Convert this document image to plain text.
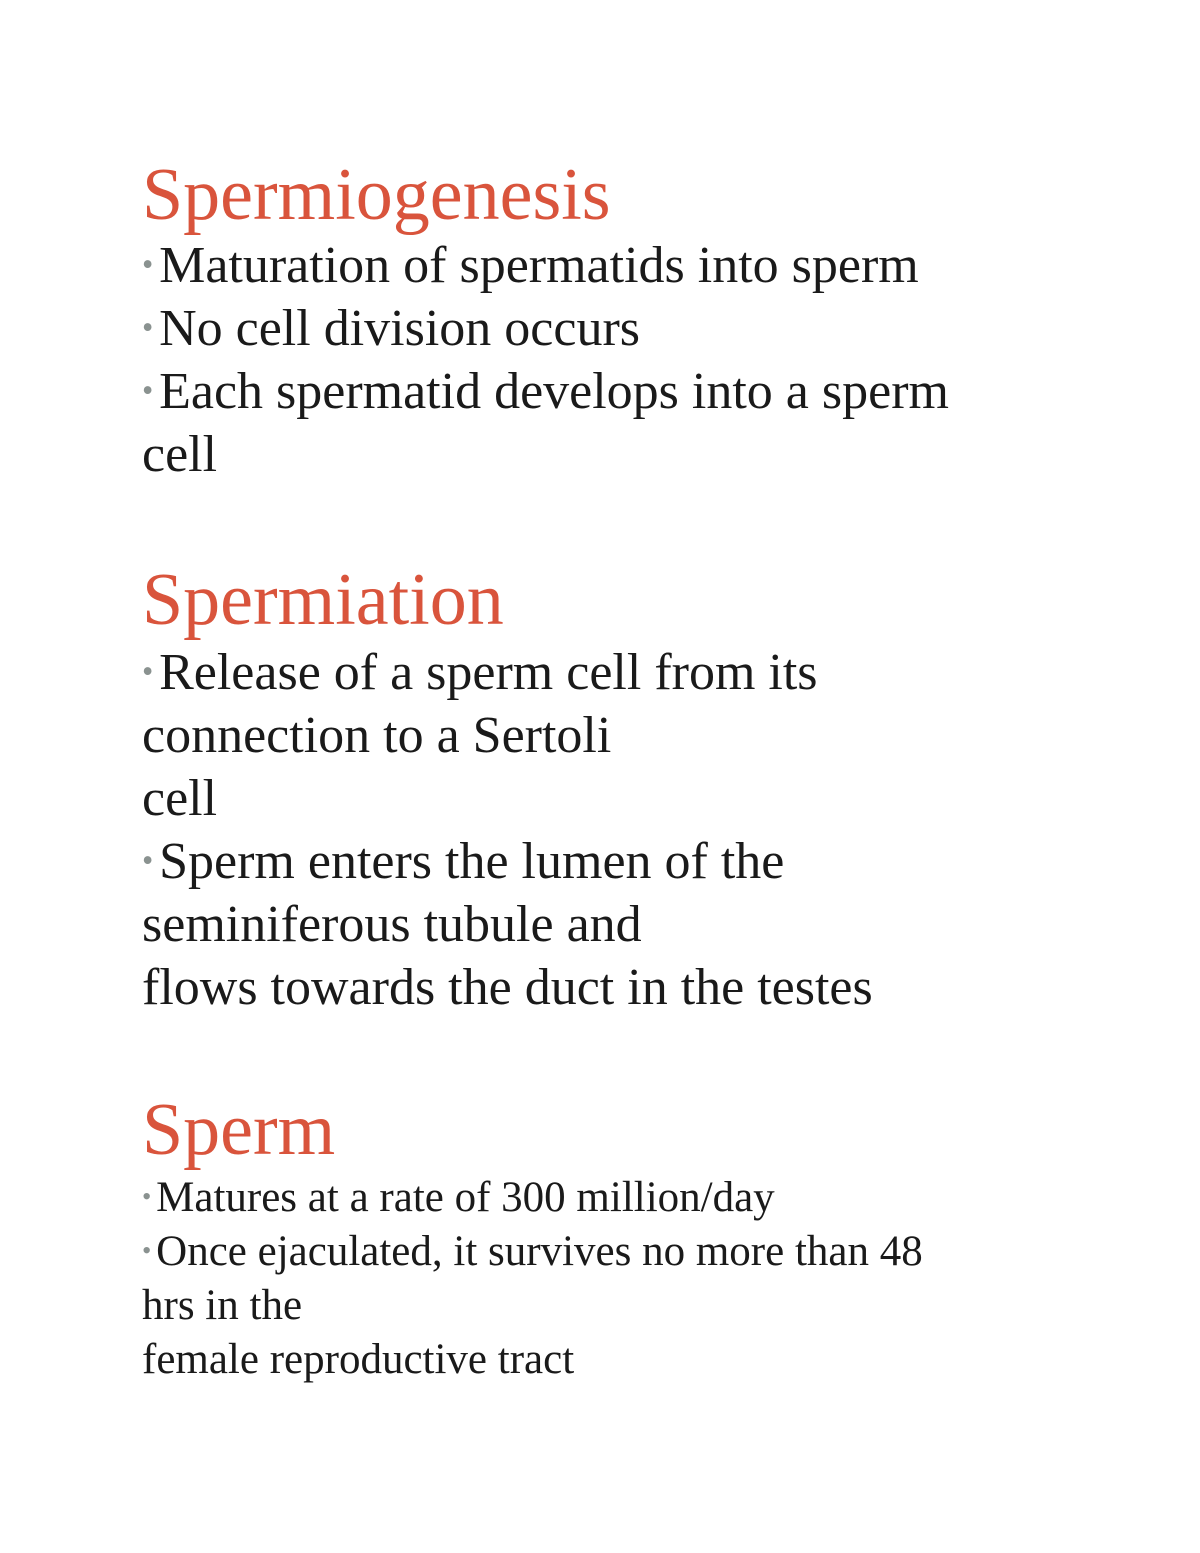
Spermiogenesis

• Maturation of spermatids into sperm

• No cell division occurs

• Each spermatid develops into a sperm

cell

Spermiation

• Release of a sperm cell from its

connection to a Sertoli

cell

• Sperm enters the lumen of the

seminiferous tubule and

flows towards the duct in the testes

Sperm

• Matures at a rate of 300 million/day

• Once ejaculated, it survives no more than 48

hrs in the

female reproductive tract
